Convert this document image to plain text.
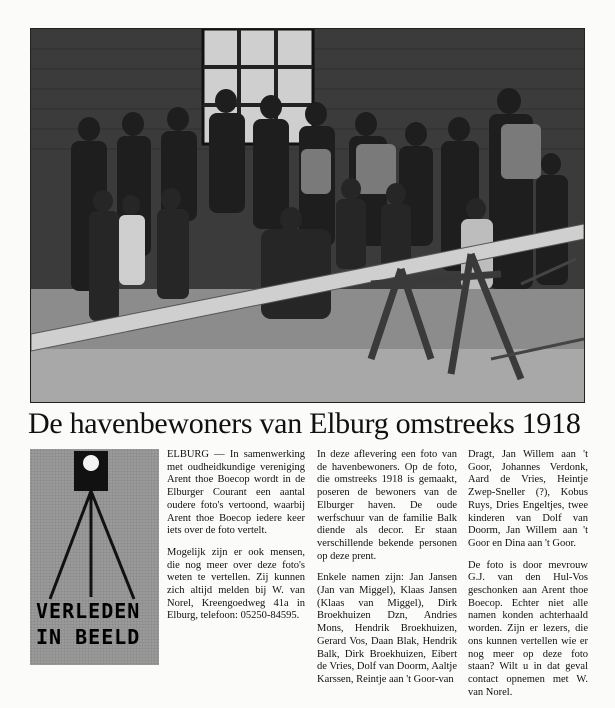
De havenbewoners van Elburg omstreeks 1918
VERLEDEN
IN BEELD

ELBURG — In samenwerking met oudheidkundige vereniging Arent thoe Boecop wordt in de Elburger Courant een aantal oudere foto's vertoond, waarbij Arent thoe Boecop iedere keer iets over de foto vertelt.

Mogelijk zijn er ook mensen, die nog meer over deze foto's weten te vertellen. Zij kunnen zich altijd melden bij W. van Norel, Kreengoedweg 41a in Elburg, telefoon: 05250-84595.

In deze aflevering een foto van de havenbewoners. Op de foto, die omstreeks 1918 is gemaakt, poseren de bewoners van de Elburger haven. De oude werfschuur van de familie Balk diende als decor. Er staan verschillende bekende personen op deze prent.

Enkele namen zijn: Jan Jansen (Jan van Miggel), Klaas Jansen (Klaas van Miggel), Dirk Broekhuizen Dzn, Andries Mons, Hendrik Broekhuizen, Gerard Vos, Daan Blak, Hendrik Balk, Dirk Broekhuizen, Eibert de Vries, Dolf van Doorm, Aaltje Karssen, Reintje aan 't Goor-van

Dragt, Jan Willem aan 't Goor, Johannes Verdonk, Aard de Vries, Heintje Zwep-Sneller (?), Kobus Ruys, Dries Engeltjes, twee kinderen van Dolf van Doorm, Jan Willem aan 't Goor en Dina aan 't Goor.

De foto is door mevrouw G.J. van den Hul-Vos geschonken aan Arent thoe Boecop. Echter niet alle namen konden achterhaald worden. Zijn er lezers, die ons kunnen vertellen wie er nog meer op deze foto staan? Wilt u in dat geval contact opnemen met W. van Norel.
